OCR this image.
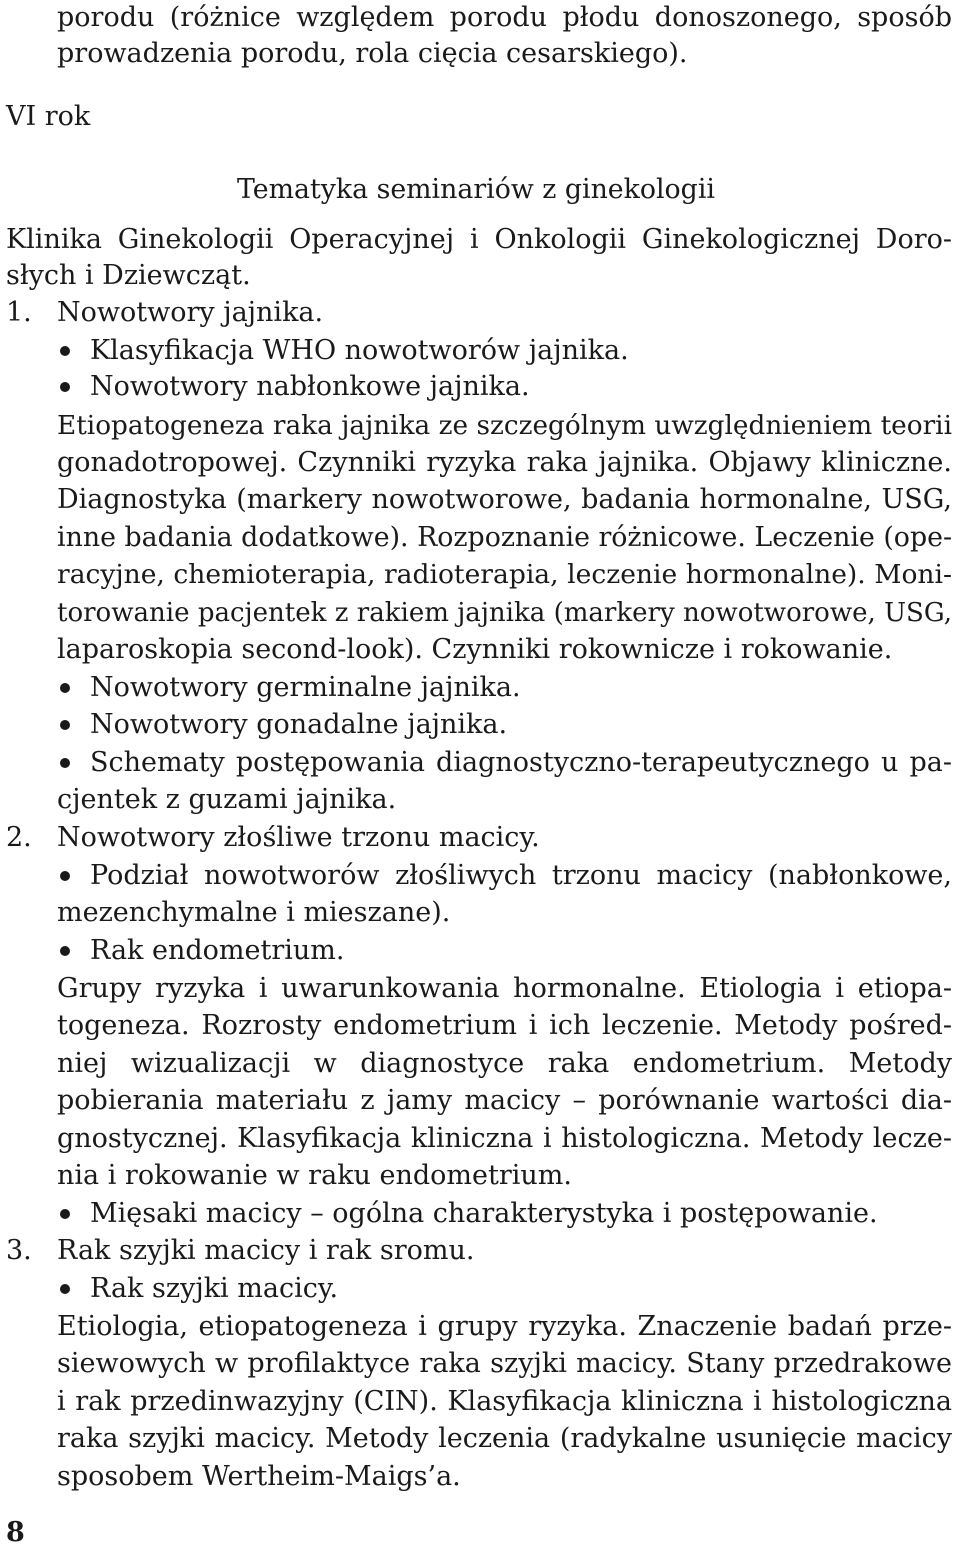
porodu (różnice względem porodu płodu donoszonego, sposób
prowadzenia porodu, rola cięcia cesarskiego).
VI rok
Tematyka seminariów z ginekologii
Klinika Ginekologii Operacyjnej i Onkologii Ginekologicznej Doro-
słych i Dziewcząt.
1. Nowotwory jajnika.
Klasyfikacja WHO nowotworów jajnika.
Nowotwory nabłonkowe jajnika.
Etiopatogeneza raka jajnika ze szczególnym uwzględnieniem teorii
gonadotropowej. Czynniki ryzyka raka jajnika. Objawy kliniczne.
Diagnostyka (markery nowotworowe, badania hormonalne, USG,
inne badania dodatkowe). Rozpoznanie różnicowe. Leczenie (ope-
racyjne, chemioterapia, radioterapia, leczenie hormonalne). Moni-
torowanie pacjentek z rakiem jajnika (markery nowotworowe, USG,
laparoskopia second-look). Czynniki rokownicze i rokowanie.
Nowotwory germinalne jajnika.
Nowotwory gonadalne jajnika.
Schematy postępowania diagnostyczno-terapeutycznego u pa-
cjentek z guzami jajnika.
2. Nowotwory złośliwe trzonu macicy.
Podział nowotworów złośliwych trzonu macicy (nabłonkowe,
mezenchymalne i mieszane).
Rak endometrium.
Grupy ryzyka i uwarunkowania hormonalne. Etiologia i etiopa-
togeneza. Rozrosty endometrium i ich leczenie. Metody pośred-
niej wizualizacji w diagnostyce raka endometrium. Metody
pobierania materiału z jamy macicy – porównanie wartości dia-
gnostycznej. Klasyfikacja kliniczna i histologiczna. Metody lecze-
nia i rokowanie w raku endometrium.
Mięsaki macicy – ogólna charakterystyka i postępowanie.
3. Rak szyjki macicy i rak sromu.
Rak szyjki macicy.
Etiologia, etiopatogeneza i grupy ryzyka. Znaczenie badań prze-
siewowych w profilaktyce raka szyjki macicy. Stany przedrakowe
i rak przedinwazyjny (CIN). Klasyfikacja kliniczna i histologiczna
raka szyjki macicy. Metody leczenia (radykalne usunięcie macicy
sposobem Wertheim-Maigs’a.
8
